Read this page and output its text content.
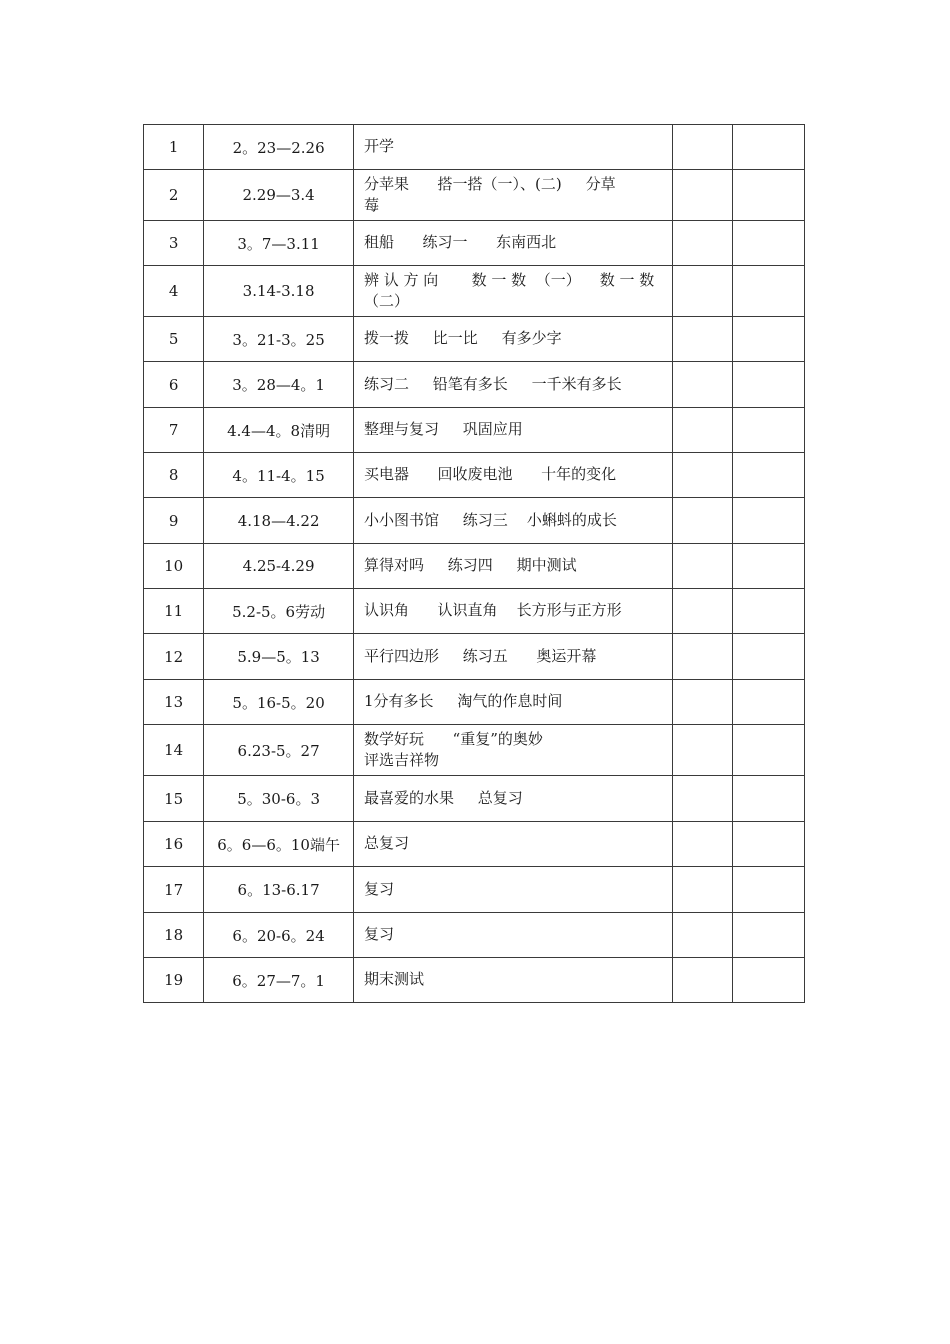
1	2。23—2.26	开学		

2	2.29—3.4	分苹果      搭一搭（一）、(二)     分草
莓		

3	3。7—3.11	租船      练习一      东南西北		

4	3.14-3.18	辨 认 方 向       数 一 数  （一）    数 一 数
（二）		

5	3。21-3。25	拨一拨     比一比     有多少字		

6	3。28—4。1	练习二     铅笔有多长     一千米有多长		

7	4.4—4。8清明	整理与复习     巩固应用		

8	4。11-4。15	买电器      回收废电池      十年的变化		

9	4.18—4.22	小小图书馆     练习三    小蝌蚪的成长		

10	4.25-4.29	算得对吗     练习四     期中测试		

11	5.2-5。6劳动	认识角      认识直角    长方形与正方形		

12	5.9—5。13	平行四边形     练习五      奥运开幕		

13	5。16-5。20	1分有多长     淘气的作息时间		

14	6.23-5。27	数学好玩      “重复”的奥妙
评选吉祥物		

15	5。30-6。3	最喜爱的水果     总复习		

16	6。6—6。10端午	总复习		

17	6。13-6.17	复习		

18	6。20-6。24	复习		

19	6。27—7。1	期末测试		
